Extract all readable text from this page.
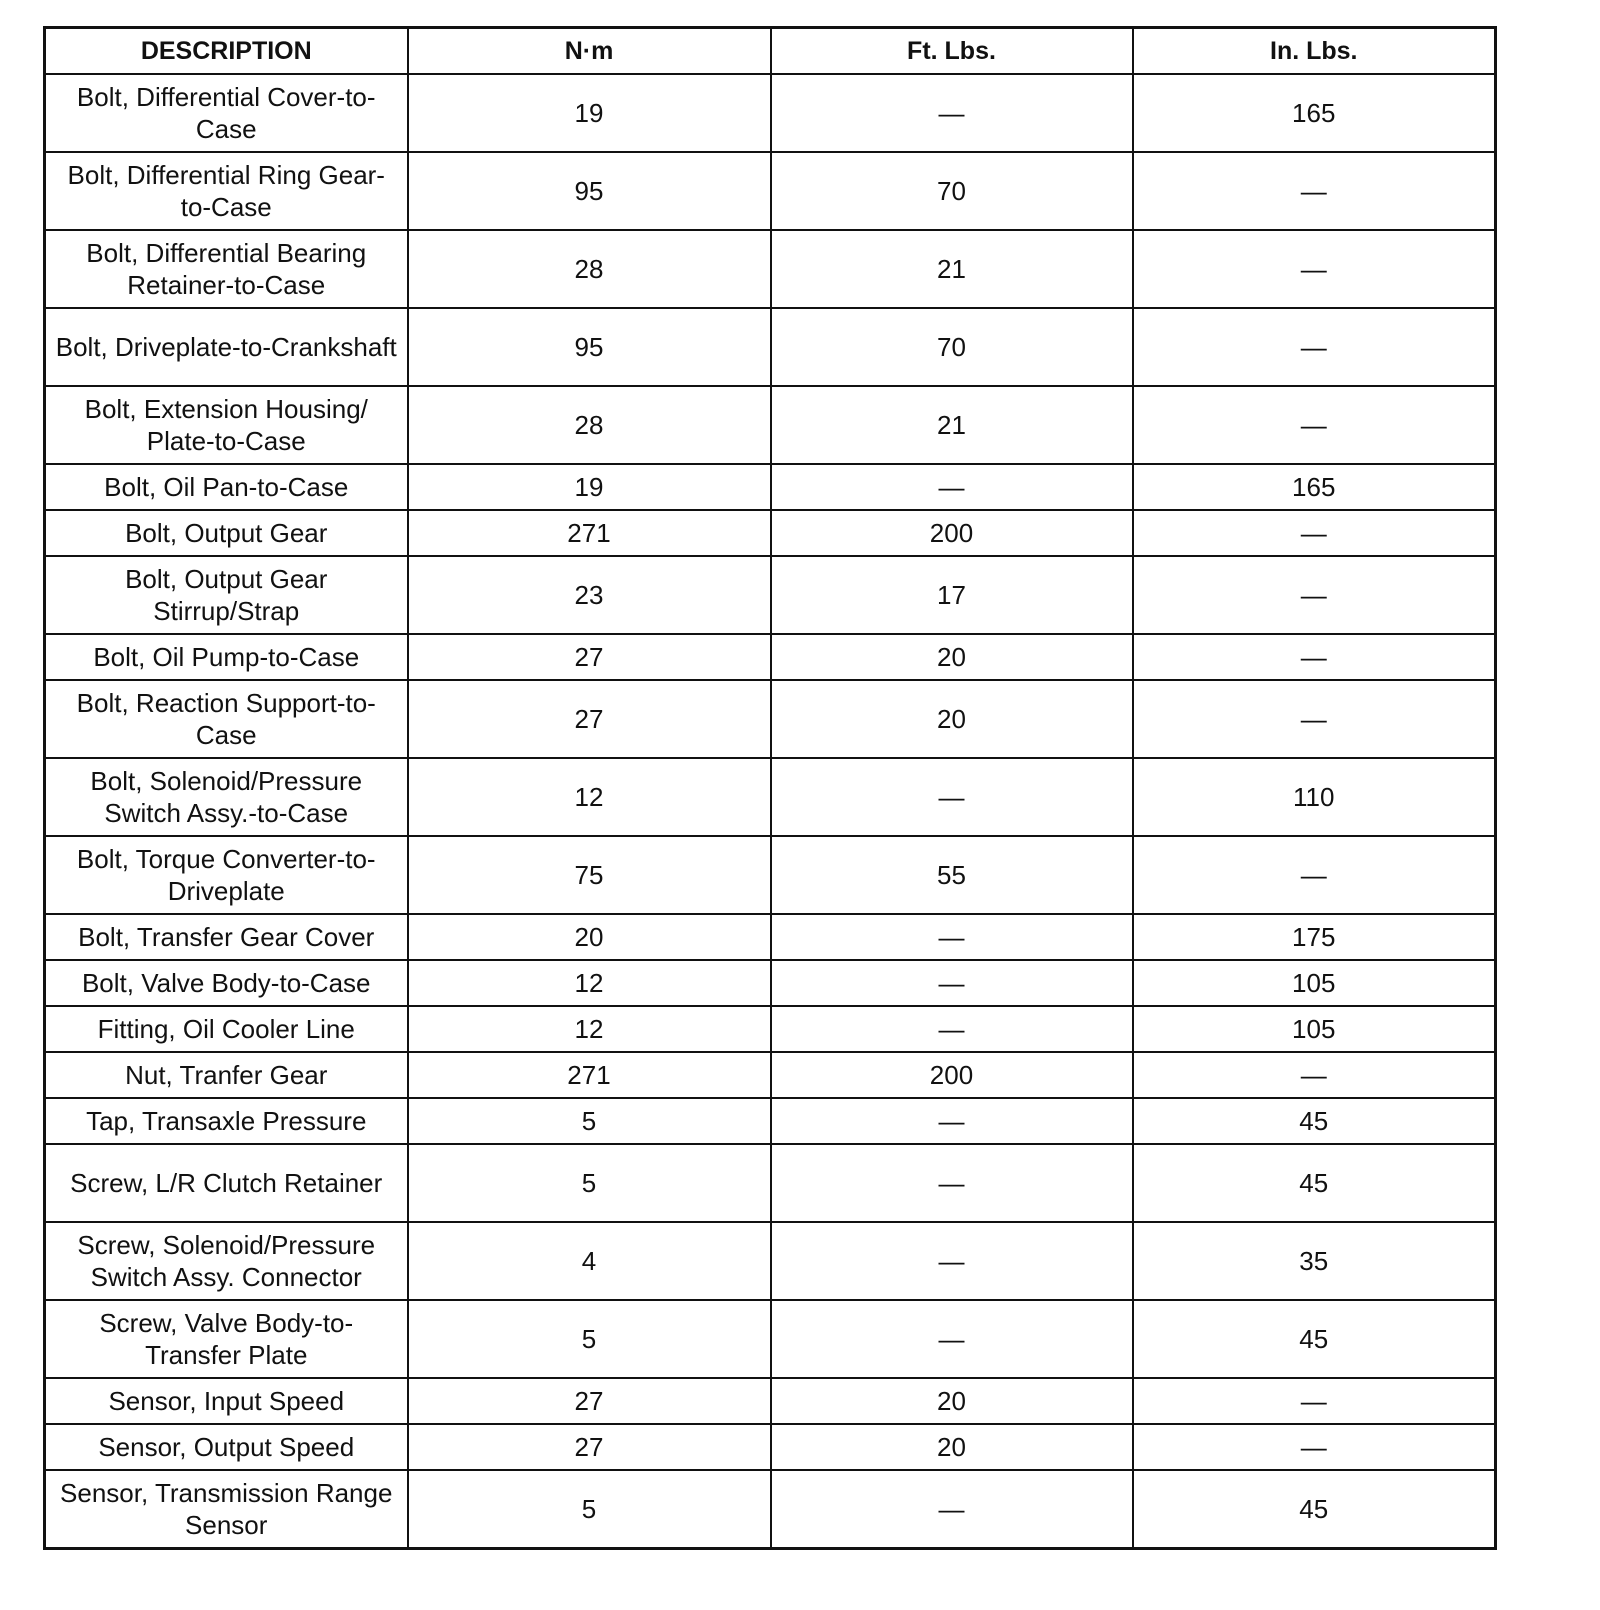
DESCRIPTION	N·m	Ft. Lbs.	In. Lbs.
Bolt, Differential Cover-to-Case	19	—	165
Bolt, Differential Ring Gear-to-Case	95	70	—
Bolt, Differential Bearing Retainer-to-Case	28	21	—
Bolt, Driveplate-to-Crankshaft	95	70	—
Bolt, Extension Housing/ Plate-to-Case	28	21	—
Bolt, Oil Pan-to-Case	19	—	165
Bolt, Output Gear	271	200	—
Bolt, Output Gear Stirrup/Strap	23	17	—
Bolt, Oil Pump-to-Case	27	20	—
Bolt, Reaction Support-to-Case	27	20	—
Bolt, Solenoid/Pressure Switch Assy.-to-Case	12	—	110
Bolt, Torque Converter-to-Driveplate	75	55	—
Bolt, Transfer Gear Cover	20	—	175
Bolt, Valve Body-to-Case	12	—	105
Fitting, Oil Cooler Line	12	—	105
Nut, Tranfer Gear	271	200	—
Tap, Transaxle Pressure	5	—	45
Screw, L/R Clutch Retainer	5	—	45
Screw, Solenoid/Pressure Switch Assy. Connector	4	—	35
Screw, Valve Body-to-Transfer Plate	5	—	45
Sensor, Input Speed	27	20	—
Sensor, Output Speed	27	20	—
Sensor, Transmission Range Sensor	5	—	45
